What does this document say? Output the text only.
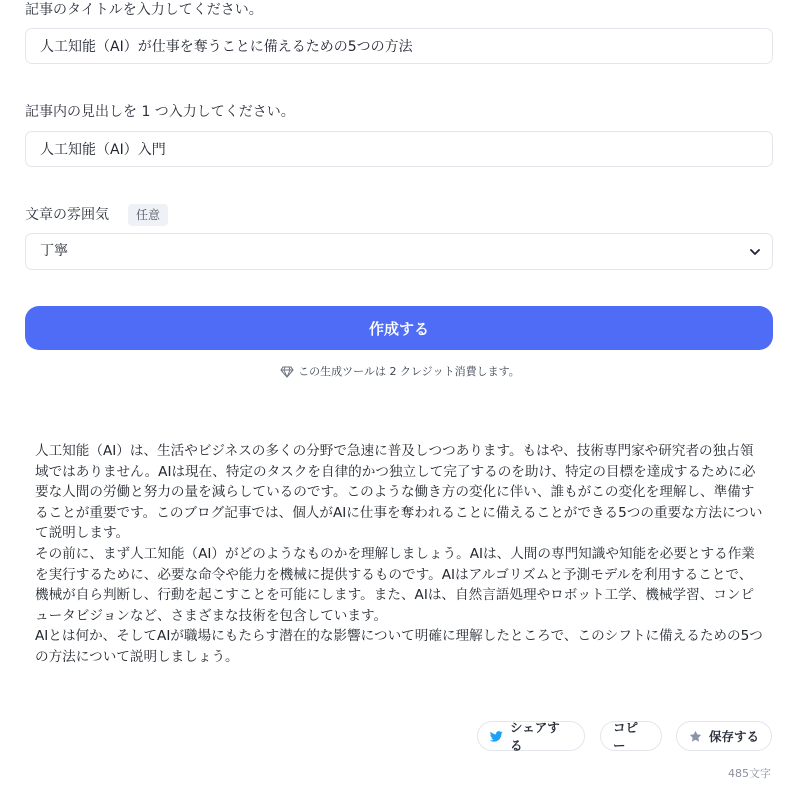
記事のタイトルを入力してください。
人工知能（AI）が仕事を奪うことに備えるための5つの方法
記事内の見出しを 1 つ入力してください。
人工知能（AI）入門
文章の雰囲気	任意
丁寧
作成する
この生成ツールは 2 クレジット消費します。

人工知能（AI）は、生活やビジネスの多くの分野で急速に普及しつつあります。もはや、技術専門家や研究者の独占領域ではありません。AIは現在、特定のタスクを自律的かつ独立して完了するのを助け、特定の目標を達成するために必要な人間の労働と努力の量を減らしているのです。このような働き方の変化に伴い、誰もがこの変化を理解し、準備することが重要です。このブログ記事では、個人がAIに仕事を奪われることに備えることができる5つの重要な方法について説明します。

その前に、まず人工知能（AI）がどのようなものかを理解しましょう。AIは、人間の専門知識や知能を必要とする作業を実行するために、必要な命令や能力を機械に提供するものです。AIはアルゴリズムと予測モデルを利用することで、機械が自ら判断し、行動を起こすことを可能にします。また、AIは、自然言語処理やロボット工学、機械学習、コンピュータビジョンなど、さまざまな技術を包含しています。

AIとは何か、そしてAIが職場にもたらす潜在的な影響について明確に理解したところで、このシフトに備えるための5つの方法について説明しましょう。

シェアする
コピー
保存する
485文字
